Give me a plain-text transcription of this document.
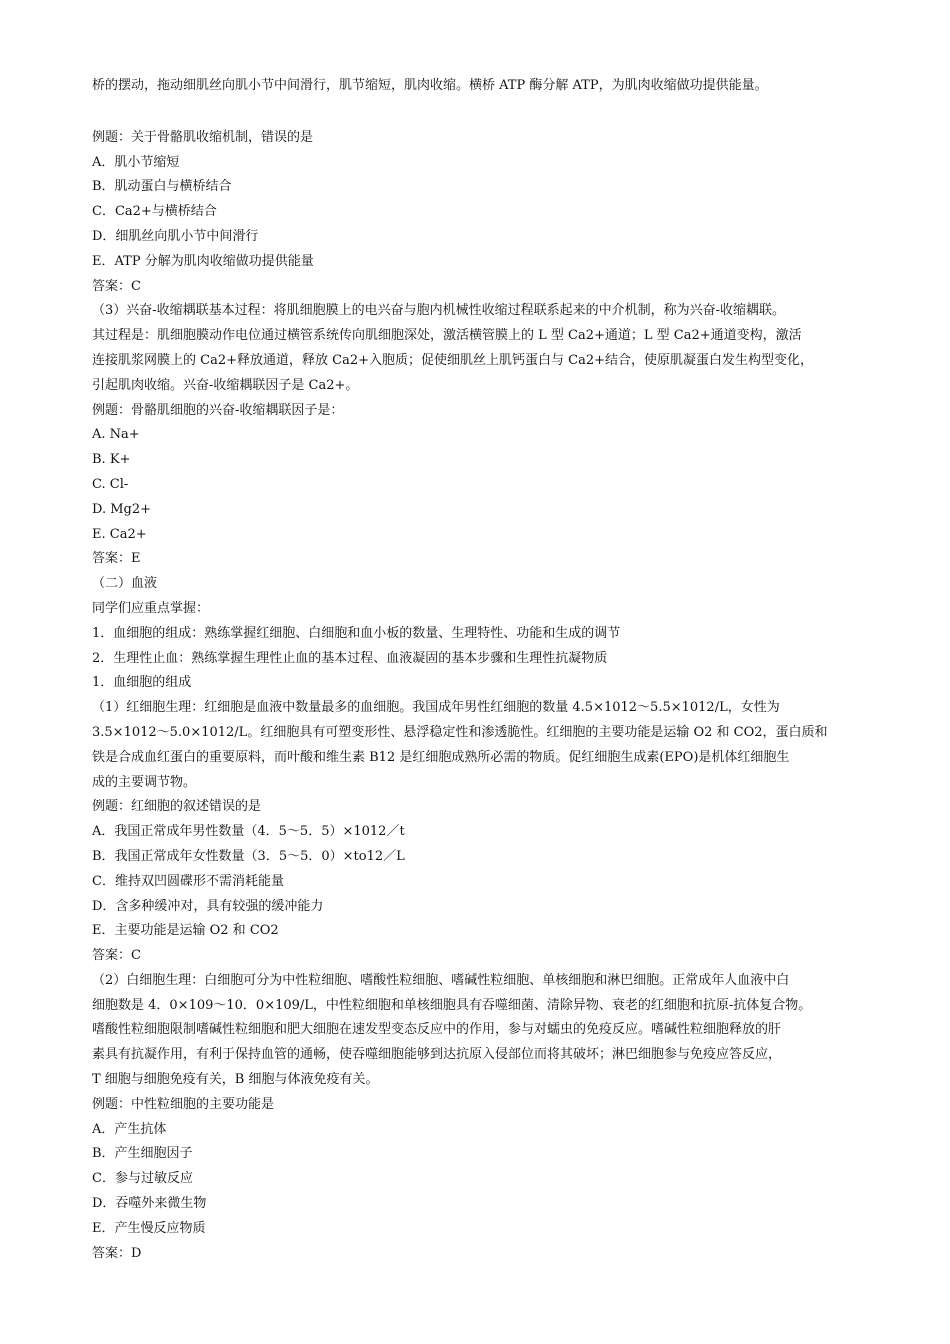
桥的摆动，拖动细肌丝向肌小节中间滑行，肌节缩短，肌肉收缩。横桥 ATP 酶分解 ATP，为肌肉收缩做功提供能量。
例题：关于骨骼肌收缩机制，错误的是
A．肌小节缩短
B．肌动蛋白与横桥结合
C．Ca2+与横桥结合
D．细肌丝向肌小节中间滑行
E．ATP 分解为肌肉收缩做功提供能量
答案：C
（3）兴奋-收缩耦联基本过程：将肌细胞膜上的电兴奋与胞内机械性收缩过程联系起来的中介机制，称为兴奋-收缩耦联。
其过程是：肌细胞膜动作电位通过横管系统传向肌细胞深处，激活横管膜上的 L 型 Ca2+通道；L 型 Ca2+通道变构，激活
连接肌浆网膜上的 Ca2+释放通道，释放 Ca2+入胞质；促使细肌丝上肌钙蛋白与 Ca2+结合，使原肌凝蛋白发生构型变化，
引起肌肉收缩。兴奋-收缩耦联因子是 Ca2+。
例题：骨骼肌细胞的兴奋-收缩耦联因子是：
A. Na+
B. K+
C. Cl-
D. Mg2+
E. Ca2+
答案：E
（二）血液
同学们应重点掌握：
1．血细胞的组成：熟练掌握红细胞、白细胞和血小板的数量、生理特性、功能和生成的调节
2．生理性止血：熟练掌握生理性止血的基本过程、血液凝固的基本步骤和生理性抗凝物质
1．血细胞的组成
（1）红细胞生理：红细胞是血液中数量最多的血细胞。我国成年男性红细胞的数量 4.5×1012～5.5×1012/L，女性为
3.5×1012～5.0×1012/L。红细胞具有可塑变形性、悬浮稳定性和渗透脆性。红细胞的主要功能是运输 O2 和 CO2，蛋白质和
铁是合成血红蛋白的重要原料，而叶酸和维生素 B12 是红细胞成熟所必需的物质。促红细胞生成素(EPO)是机体红细胞生
成的主要调节物。
例题：红细胞的叙述错误的是
A．我国正常成年男性数量（4．5～5．5）×1012／t
B．我国正常成年女性数量（3．5～5．0）×to12／L
C．维持双凹圆碟形不需消耗能量
D．含多种缓冲对，具有较强的缓冲能力
E．主要功能是运输 O2 和 CO2
答案：C
（2）白细胞生理：白细胞可分为中性粒细胞、嗜酸性粒细胞、嗜碱性粒细胞、单核细胞和淋巴细胞。正常成年人血液中白
细胞数是 4．0×109～10．0×109/L，中性粒细胞和单核细胞具有吞噬细菌、清除异物、衰老的红细胞和抗原-抗体复合物。
嗜酸性粒细胞限制嗜碱性粒细胞和肥大细胞在速发型变态反应中的作用，参与对蠕虫的免疫反应。嗜碱性粒细胞释放的肝
素具有抗凝作用，有利于保持血管的通畅，使吞噬细胞能够到达抗原入侵部位而将其破坏；淋巴细胞参与免疫应答反应，
T 细胞与细胞免疫有关，B 细胞与体液免疫有关。
例题：中性粒细胞的主要功能是
A．产生抗体
B．产生细胞因子
C．参与过敏反应
D．吞噬外来微生物
E．产生慢反应物质
答案：D
